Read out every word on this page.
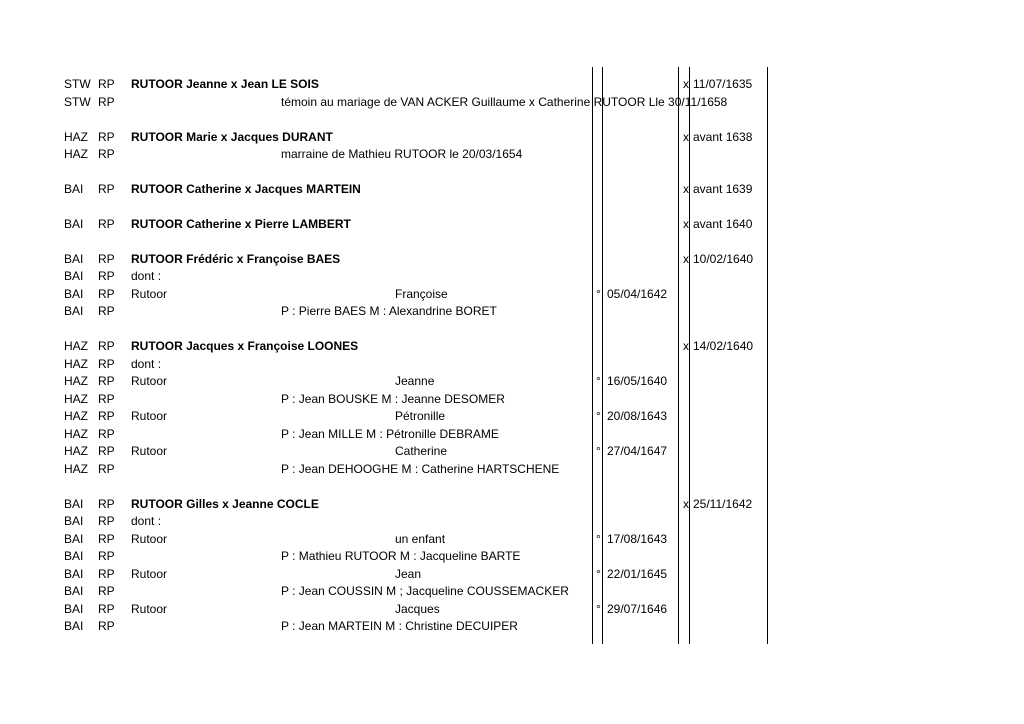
STW RP RUTOOR Jeanne x Jean LE SOIS	x 11/07/1635
STW RP	témoin au mariage de VAN ACKER Guillaume x Catherine RUTOOR Lle 30/11/1658
HAZ RP RUTOOR Marie x Jacques DURANT	x avant 1638
HAZ RP	marraine de Mathieu RUTOOR le 20/03/1654
BAI RP RUTOOR Catherine x Jacques MARTEIN	x avant 1639
BAI RP RUTOOR Catherine x Pierre LAMBERT	x avant 1640
BAI RP RUTOOR Frédéric x Françoise BAES	x 10/02/1640
BAI RP dont :
BAI RP Rutoor	Françoise	° 05/04/1642
BAI RP	P : Pierre BAES M : Alexandrine BORET
HAZ RP RUTOOR Jacques x Françoise LOONES	x 14/02/1640
HAZ RP dont :
HAZ RP Rutoor	Jeanne	° 16/05/1640
HAZ RP	P : Jean BOUSKE M : Jeanne DESOMER
HAZ RP Rutoor	Pétronille	° 20/08/1643
HAZ RP	P : Jean MILLE M : Pétronille DEBRAME
HAZ RP Rutoor	Catherine	° 27/04/1647
HAZ RP	P : Jean DEHOOGHE M : Catherine HARTSCHENE
BAI RP RUTOOR Gilles x Jeanne COCLE	x 25/11/1642
BAI RP dont :
BAI RP Rutoor	un enfant	° 17/08/1643
BAI RP	P : Mathieu RUTOOR M : Jacqueline BARTE
BAI RP Rutoor	Jean	° 22/01/1645
BAI RP	P : Jean COUSSIN M ; Jacqueline COUSSEMACKER
BAI RP Rutoor	Jacques	° 29/07/1646
BAI RP	P : Jean MARTEIN M : Christine DECUIPER
